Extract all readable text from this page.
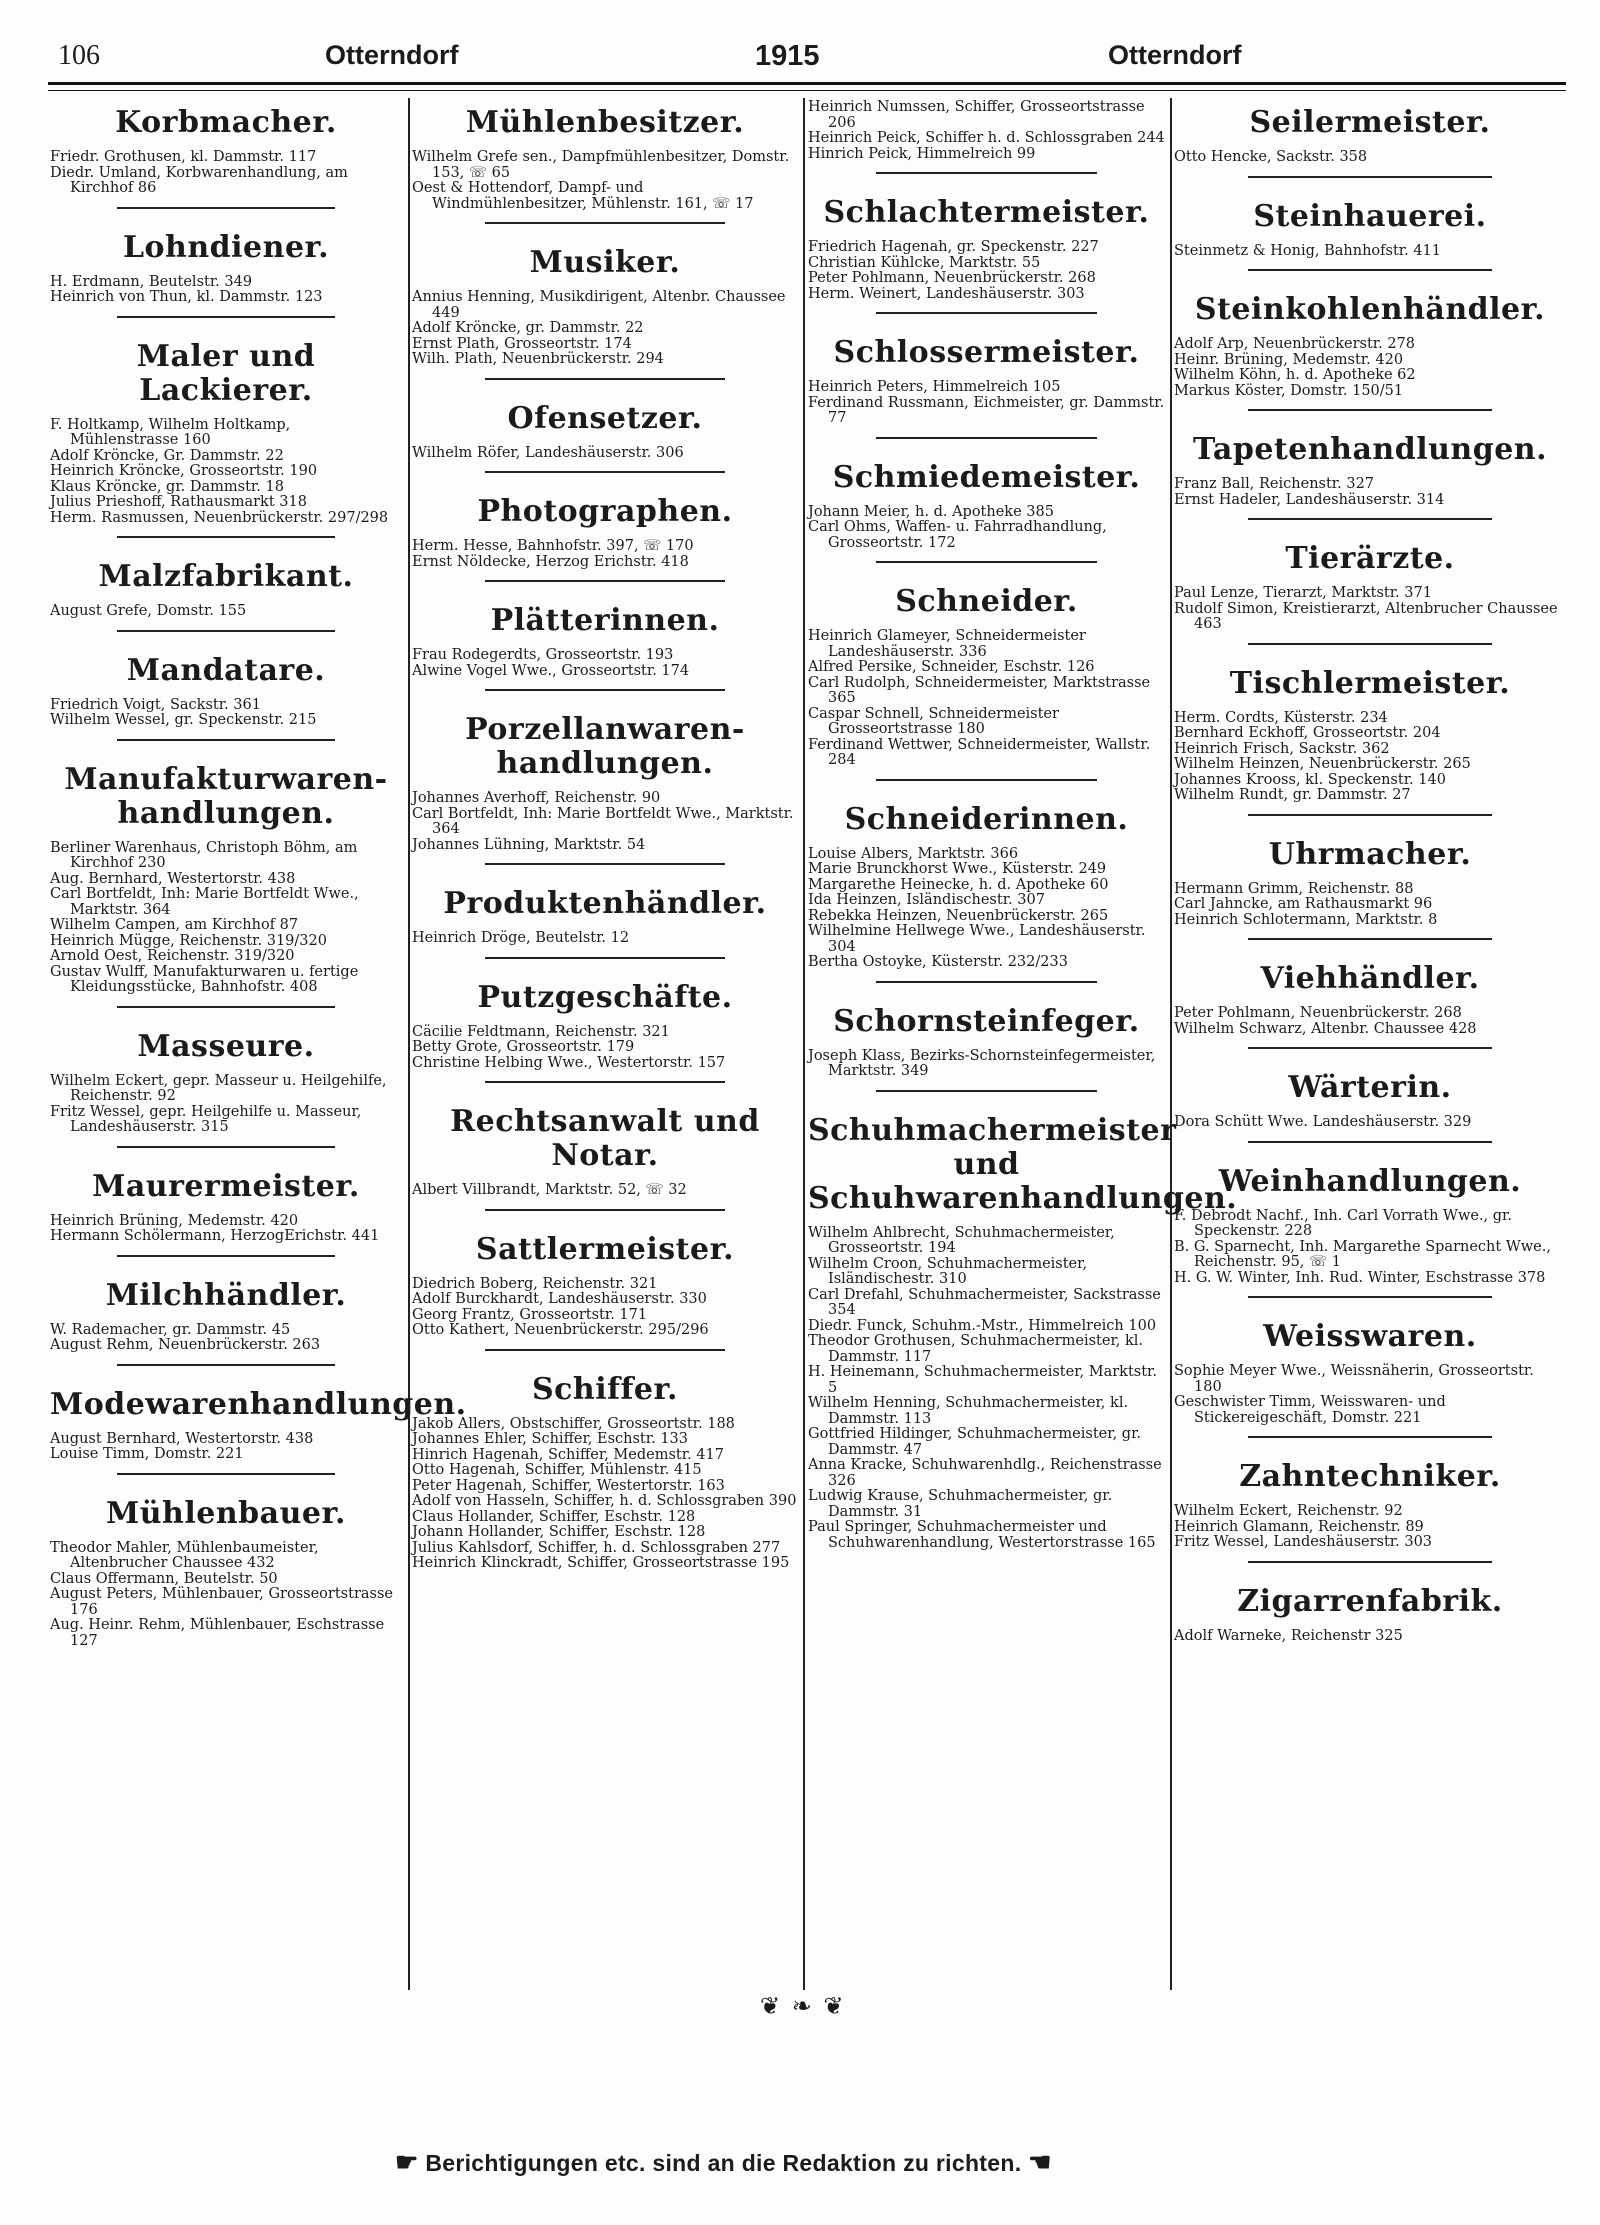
106	Otterndorf	1915	Otterndorf
Korbmacher.
Friedr. Grothusen, kl. Dammstr. 117
Diedr. Umland, Korbwarenhandlung, am Kirchhof 86
Lohndiener.
H. Erdmann, Beutelstr. 349
Heinrich von Thun, kl. Dammstr. 123
Maler und Lackierer.
F. Holtkamp, Wilhelm Holtkamp, Mühlenstrasse 160
Adolf Kröncke, Gr. Dammstr. 22
Heinrich Kröncke, Grosseortstr. 190
Klaus Kröncke, gr. Dammstr. 18
Julius Prieshoff, Rathausmarkt 318
Herm. Rasmussen, Neuenbrückerstr. 297/298
Malzfabrikant.
August Grefe, Domstr. 155
Mandatare.
Friedrich Voigt, Sackstr. 361
Wilhelm Wessel, gr. Speckenstr. 215
Manufakturwaren- handlungen.
Berliner Warenhaus, Christoph Böhm, am Kirchhof 230
Aug. Bernhard, Westertorstr. 438
Carl Bortfeldt, Inh: Marie Bortfeldt Wwe., Marktstr. 364
Wilhelm Campen, am Kirchhof 87
Heinrich Mügge, Reichenstr. 319/320
Arnold Oest, Reichenstr. 319/320
Gustav Wulff, Manufakturwaren u. fertige Kleidungsstücke, Bahnhofstr. 408
Masseure.
Wilhelm Eckert, gepr. Masseur u. Heilgehilfe, Reichenstr. 92
Fritz Wessel, gepr. Heilgehilfe u. Masseur, Landeshäuserstr. 315
Maurermeister.
Heinrich Brüning, Medemstr. 420
Hermann Schölermann, HerzogErichstr. 441
Milchhändler.
W. Rademacher, gr. Dammstr. 45
August Rehm, Neuenbrückerstr. 263
Modewarenhandlungen.
August Bernhard, Westertorstr. 438
Louise Timm, Domstr. 221
Mühlenbauer.
Theodor Mahler, Mühlenbaumeister, Altenbrucher Chaussee 432
Claus Offermann, Beutelstr. 50
August Peters, Mühlenbauer, Grosseortstrasse 176
Aug. Heinr. Rehm, Mühlenbauer, Eschstrasse 127
Mühlenbesitzer.
Wilhelm Grefe sen., Dampfmühlenbesitzer, Domstr. 153, ☏ 65
Oest & Hottendorf, Dampf- und Windmühlenbesitzer, Mühlenstr. 161, ☏ 17
Musiker.
Annius Henning, Musikdirigent, Altenbr. Chaussee 449
Adolf Kröncke, gr. Dammstr. 22
Ernst Plath, Grosseortstr. 174
Wilh. Plath, Neuenbrückerstr. 294
Ofensetzer.
Wilhelm Röfer, Landeshäuserstr. 306
Photographen.
Herm. Hesse, Bahnhofstr. 397, ☏ 170
Ernst Nöldecke, Herzog Erichstr. 418
Plätterinnen.
Frau Rodegerdts, Grosseortstr. 193
Alwine Vogel Wwe., Grosseortstr. 174
Porzellanwaren- handlungen.
Johannes Averhoff, Reichenstr. 90
Carl Bortfeldt, Inh: Marie Bortfeldt Wwe., Marktstr. 364
Johannes Lühning, Marktstr. 54
Produktenhändler.
Heinrich Dröge, Beutelstr. 12
Putzgeschäfte.
Cäcilie Feldtmann, Reichenstr. 321
Betty Grote, Grosseortstr. 179
Christine Helbing Wwe., Westertorstr. 157
Rechtsanwalt und Notar.
Albert Villbrandt, Marktstr. 52, ☏ 32
Sattlermeister.
Diedrich Boberg, Reichenstr. 321
Adolf Burckhardt, Landeshäuserstr. 330
Georg Frantz, Grosseortstr. 171
Otto Kathert, Neuenbrückerstr. 295/296
Schiffer.
Jakob Allers, Obstschiffer, Grosseortstr. 188
Johannes Ehler, Schiffer, Eschstr. 133
Hinrich Hagenah, Schiffer, Medemstr. 417
Otto Hagenah, Schiffer, Mühlenstr. 415
Peter Hagenah, Schiffer, Westertorstr. 163
Adolf von Hasseln, Schiffer, h. d. Schlossgraben 390
Claus Hollander, Schiffer, Eschstr. 128
Johann Hollander, Schiffer, Eschstr. 128
Julius Kahlsdorf, Schiffer, h. d. Schlossgraben 277
Heinrich Klinckradt, Schiffer, Grosseortstrasse 195
Heinrich Numssen, Schiffer, Grosseortstrasse 206
Heinrich Peick, Schiffer h. d. Schlossgraben 244
Hinrich Peick, Himmelreich 99
Schlachtermeister.
Friedrich Hagenah, gr. Speckenstr. 227
Christian Kühlcke, Marktstr. 55
Peter Pohlmann, Neuenbrückerstr. 268
Herm. Weinert, Landeshäuserstr. 303
Schlossermeister.
Heinrich Peters, Himmelreich 105
Ferdinand Russmann, Eichmeister, gr. Dammstr. 77
Schmiedemeister.
Johann Meier, h. d. Apotheke 385
Carl Ohms, Waffen- u. Fahrradhandlung, Grosseortstr. 172
Schneider.
Heinrich Glameyer, Schneidermeister Landeshäuserstr. 336
Alfred Persike, Schneider, Eschstr. 126
Carl Rudolph, Schneidermeister, Marktstrasse 365
Caspar Schnell, Schneidermeister Grosseortstrasse 180
Ferdinand Wettwer, Schneidermeister, Wallstr. 284
Schneiderinnen.
Louise Albers, Marktstr. 366
Marie Brunckhorst Wwe., Küsterstr. 249
Margarethe Heinecke, h. d. Apotheke 60
Ida Heinzen, Isländischestr. 307
Rebekka Heinzen, Neuenbrückerstr. 265
Wilhelmine Hellwege Wwe., Landeshäuserstr. 304
Bertha Ostoyke, Küsterstr. 232/233
Schornsteinfeger.
Joseph Klass, Bezirks-Schornsteinfegermeister, Marktstr. 349
Schuhmachermeister und Schuhwarenhandlungen.
Wilhelm Ahlbrecht, Schuhmachermeister, Grosseortstr. 194
Wilhelm Croon, Schuhmachermeister, Isländischestr. 310
Carl Drefahl, Schuhmachermeister, Sackstrasse 354
Diedr. Funck, Schuhm.-Mstr., Himmelreich 100
Theodor Grothusen, Schuhmachermeister, kl. Dammstr. 117
H. Heinemann, Schuhmachermeister, Marktstr. 5
Wilhelm Henning, Schuhmachermeister, kl. Dammstr. 113
Gottfried Hildinger, Schuhmachermeister, gr. Dammstr. 47
Anna Kracke, Schuhwarenhdlg., Reichenstrasse 326
Ludwig Krause, Schuhmachermeister, gr. Dammstr. 31
Paul Springer, Schuhmachermeister und Schuhwarenhandlung, Westertorstrasse 165
Seilermeister.
Otto Hencke, Sackstr. 358
Steinhauerei.
Steinmetz & Honig, Bahnhofstr. 411
Steinkohlenhändler.
Adolf Arp, Neuenbrückerstr. 278
Heinr. Brüning, Medemstr. 420
Wilhelm Köhn, h. d. Apotheke 62
Markus Köster, Domstr. 150/51
Tapetenhandlungen.
Franz Ball, Reichenstr. 327
Ernst Hadeler, Landeshäuserstr. 314
Tierärzte.
Paul Lenze, Tierarzt, Marktstr. 371
Rudolf Simon, Kreistierarzt, Altenbrucher Chaussee 463
Tischlermeister.
Herm. Cordts, Küsterstr. 234
Bernhard Eckhoff, Grosseortstr. 204
Heinrich Frisch, Sackstr. 362
Wilhelm Heinzen, Neuenbrückerstr. 265
Johannes Krooss, kl. Speckenstr. 140
Wilhelm Rundt, gr. Dammstr. 27
Uhrmacher.
Hermann Grimm, Reichenstr. 88
Carl Jahncke, am Rathausmarkt 96
Heinrich Schlotermann, Marktstr. 8
Viehhändler.
Peter Pohlmann, Neuenbrückerstr. 268
Wilhelm Schwarz, Altenbr. Chaussee 428
Wärterin.
Dora Schütt Wwe. Landeshäuserstr. 329
Weinhandlungen.
F. Debrodt Nachf., Inh. Carl Vorrath Wwe., gr. Speckenstr. 228
B. G. Sparnecht, Inh. Margarethe Sparnecht Wwe., Reichenstr. 95, ☏ 1
H. G. W. Winter, Inh. Rud. Winter, Eschstrasse 378
Weisswaren.
Sophie Meyer Wwe., Weissnäherin, Grosseortstr. 180
Geschwister Timm, Weisswaren- und Stickereigeschäft, Domstr. 221
Zahntechniker.
Wilhelm Eckert, Reichenstr. 92
Heinrich Glamann, Reichenstr. 89
Fritz Wessel, Landeshäuserstr. 303
Zigarrenfabrik.
Adolf Warneke, Reichenstr 325
❦ ❧ ❦
☛ Berichtigungen etc. sind an die Redaktion zu richten. ☚
